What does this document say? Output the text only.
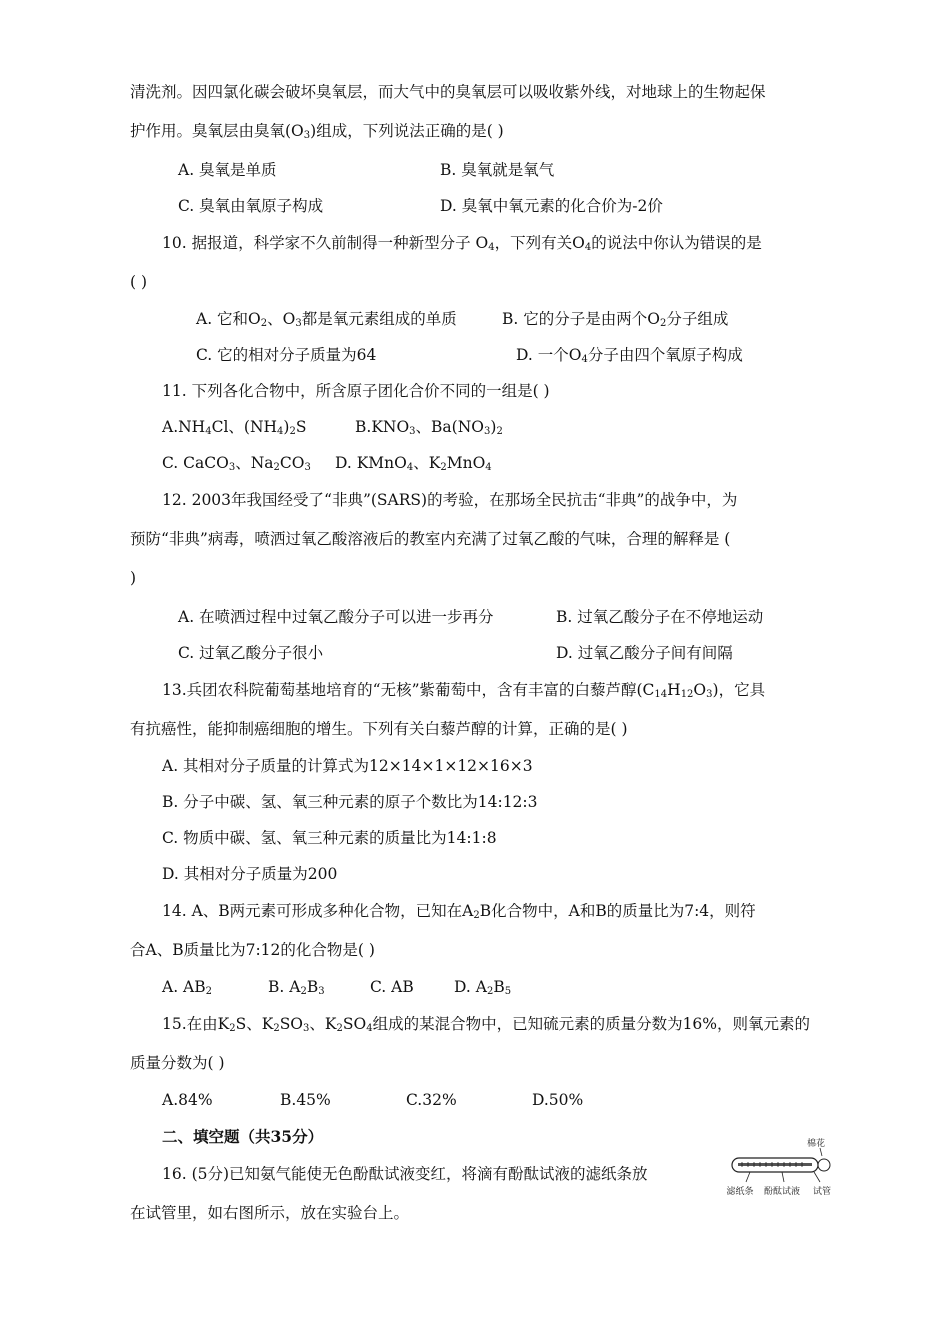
清洗剂。因四氯化碳会破坏臭氧层，而大气中的臭氧层可以吸收紫外线，对地球上的生物起保
护作用。臭氧层由臭氧$(O_3)$组成，下列说法正确的是( )
A. 臭氧是单质	B. 臭氧就是氧气
C. 臭氧由氧原子构成	D. 臭氧中氧元素的化合价为-2价
10. 据报道，科学家不久前制得一种新型分子 $O_4$，下列有关$O_4$的说法中你认为错误的是
( )
A. 它和$O_2$、$O_3$都是氧元素组成的单质	B. 它的分子是由两个$O_2$分子组成
C. 它的相对分子质量为64	D. 一个$O_4$分子由四个氧原子构成
11. 下列各化合物中，所含原子团化合价不同的一组是( )
$A.NH_4Cl$、$(NH_4)_2S$	$B.KNO_3$、$Ba(NO_3)_2$
C. CaCO$_3$、$Na_2CO_3$ D. KMnO$_4$、$K_2MnO_4$
12. 2003年我国经受了“非典”(SARS)的考验，在那场全民抗击“非典”的战争中，为
预防“非典”病毒，喷洒过氧乙酸溶液后的教室内充满了过氧乙酸的气味，合理的解释是 (
)
A. 在喷洒过程中过氧乙酸分子可以进一步再分	B. 过氧乙酸分子在不停地运动
C. 过氧乙酸分子很小	D. 过氧乙酸分子间有间隔
13.兵团农科院葡萄基地培育的“无核”紫葡萄中，含有丰富的白藜芦醇$(C_{14}H_{12}O_3)$，它具
有抗癌性，能抑制癌细胞的增生。下列有关白藜芦醇的计算，正确的是( )
A. 其相对分子质量的计算式为12×14×1×12×16×3
B. 分子中碳、氢、氧三种元素的原子个数比为14:12:3
C. 物质中碳、氢、氧三种元素的质量比为14:1:8
D. 其相对分子质量为200
14. A、B两元素可形成多种化合物，已知在$A_2B$化合物中，A和B的质量比为7:4，则符
合A、B质量比为7:12的化合物是( )
A. $AB_2$	B. $A_2B_3$	C. AB	D. $A_2B_5$
15.在由$K_2S$、$K_2SO_3$、$K_2SO_4$组成的某混合物中，已知硫元素的质量分数为16%，则氧元素的
质量分数为( )
A.84%	B.45%	C.32%	D.50%
二、填空题（共35分）
16. (5分)已知氨气能使无色酚酞试液变红，将滴有酚酞试液的滤纸条放
在试管里，如右图所示，放在实验台上。
棉花
滤纸条 酚酞试液 试管
